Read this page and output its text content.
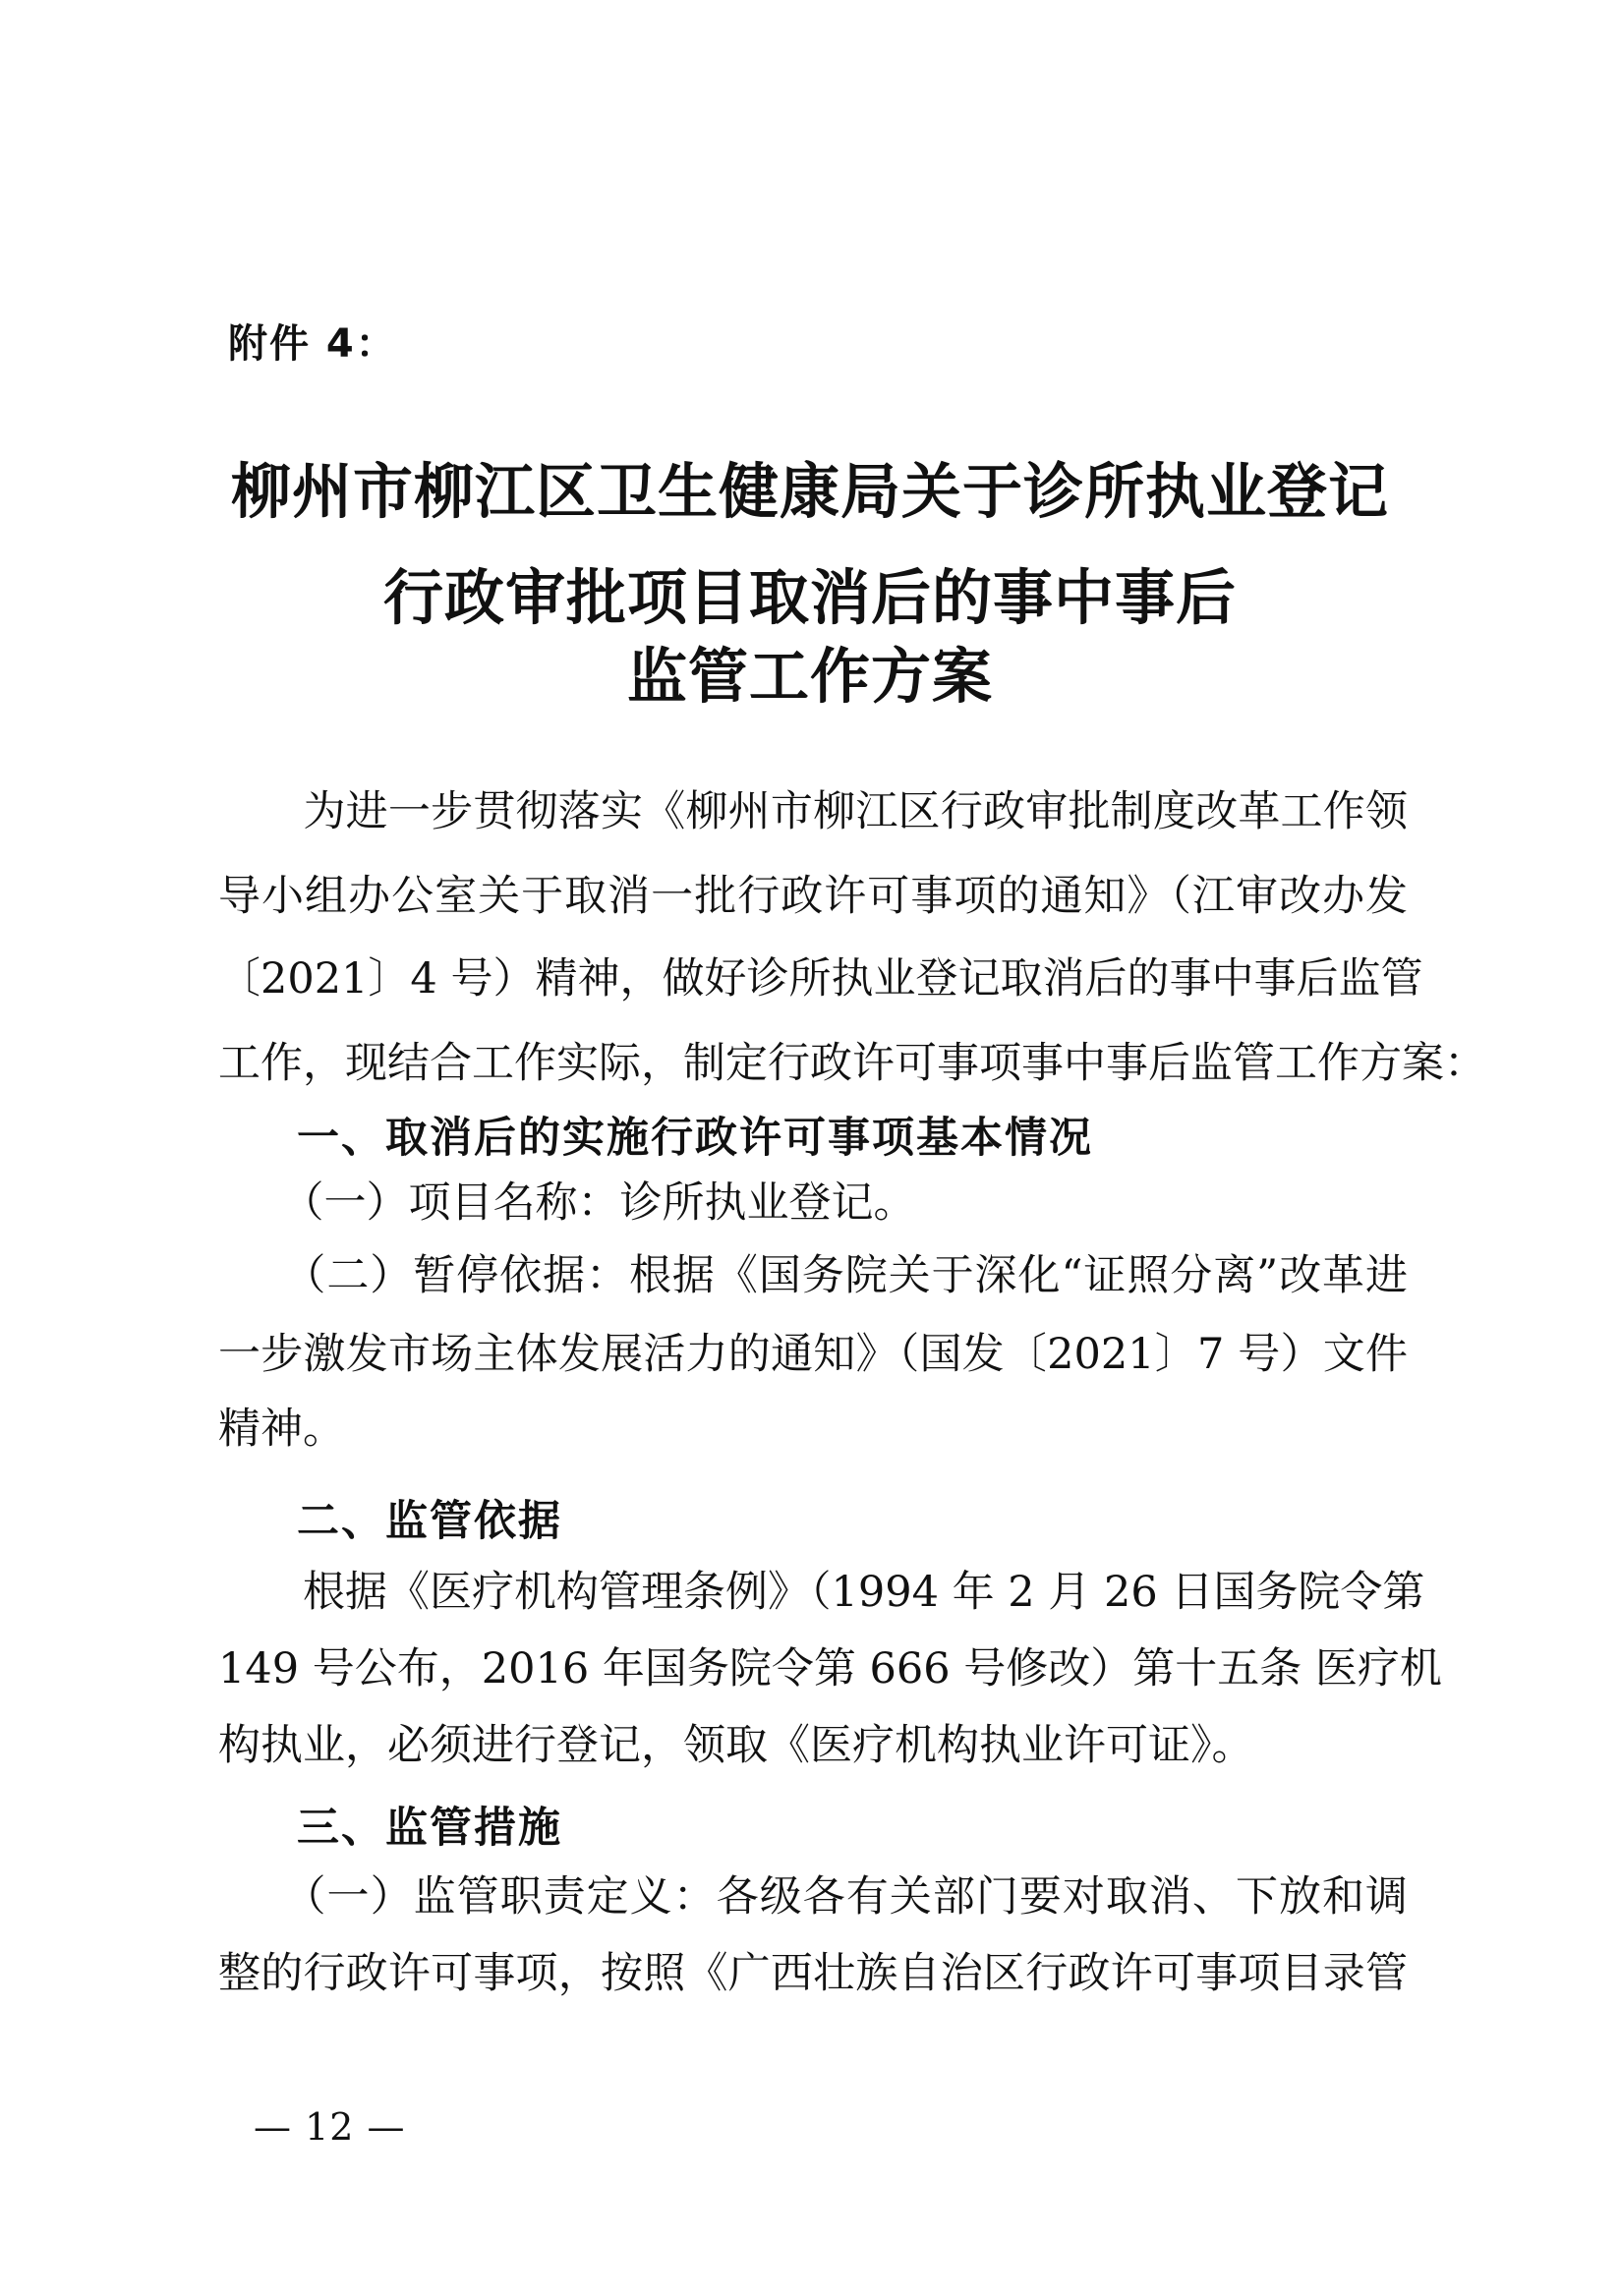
附件 4：
柳州市柳江区卫生健康局关于诊所执业登记
行政审批项目取消后的事中事后
监管工作方案
　　为进一步贯彻落实《柳州市柳江区行政审批制度改革工作领
导小组办公室关于取消一批行政许可事项的通知》（江审改办发
〔2021〕4 号）精神，做好诊所执业登记取消后的事中事后监管
工作，现结合工作实际，制定行政许可事项事中事后监管工作方案：
一、取消后的实施行政许可事项基本情况
　　（一）项目名称：诊所执业登记。
　　（二）暂停依据：根据《国务院关于深化“证照分离”改革进
一步激发市场主体发展活力的通知》（国发〔2021〕7 号）文件
精神。
二、监管依据
　　根据《医疗机构管理条例》（1994 年 2 月 26 日国务院令第
149 号公布，2016 年国务院令第 666 号修改）第十五条 医疗机
构执业，必须进行登记，领取《医疗机构执业许可证》。
三、监管措施
　　（一）监管职责定义：各级各有关部门要对取消、下放和调
整的行政许可事项，按照《广西壮族自治区行政许可事项目录管
— 12 —
